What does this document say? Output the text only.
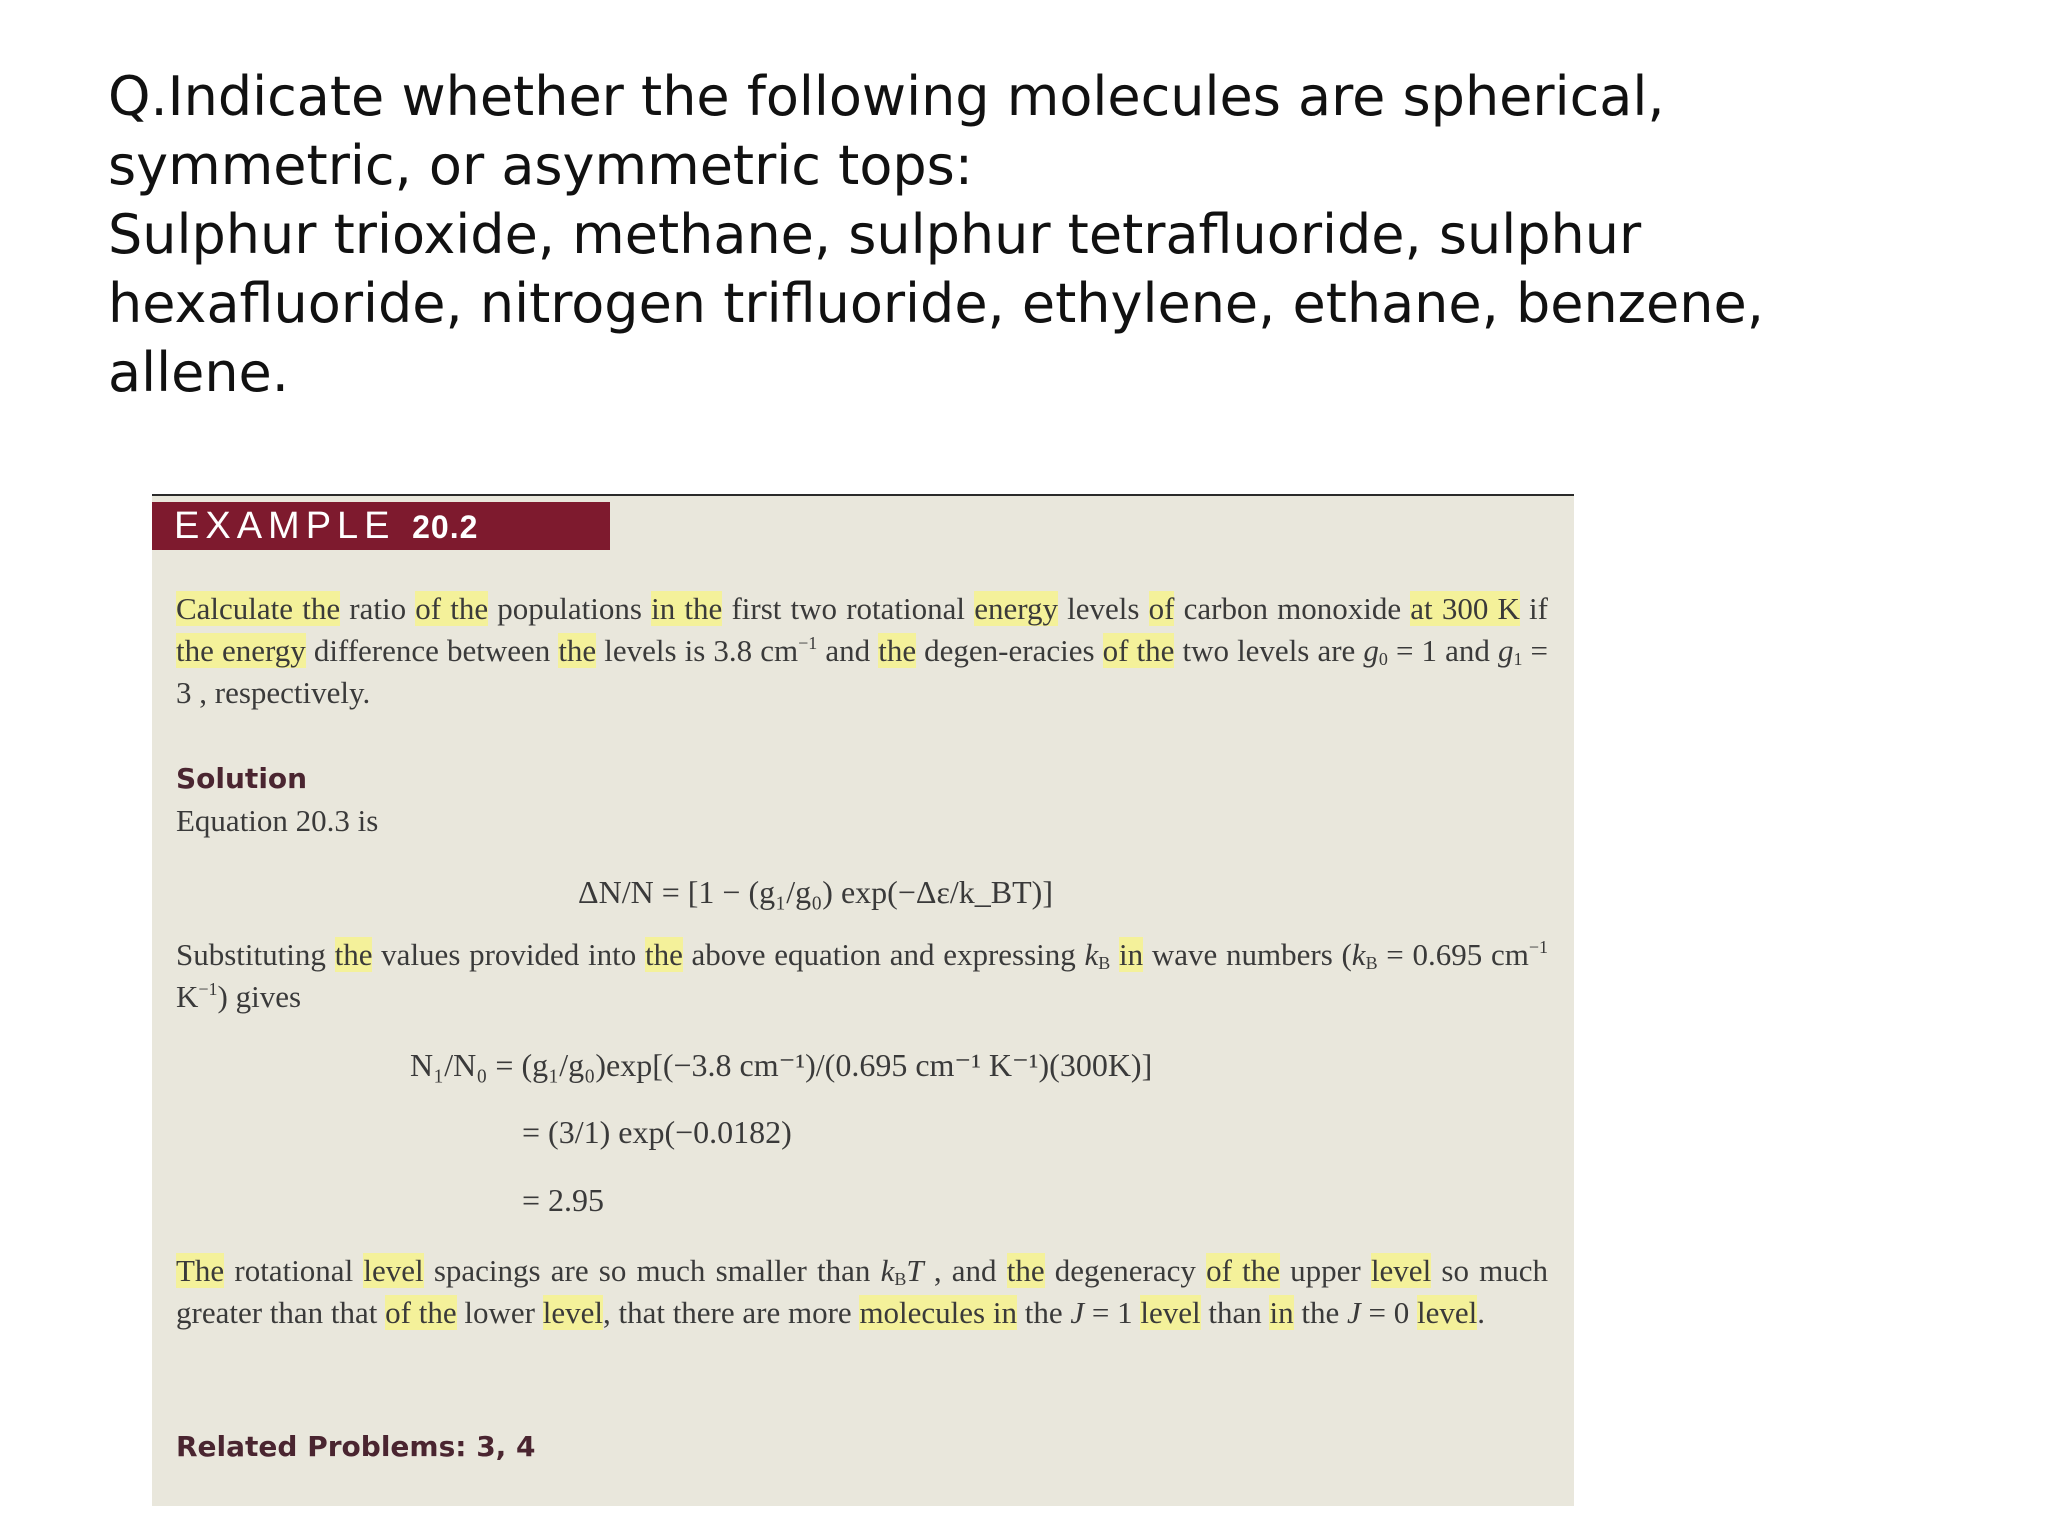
Q.Indicate whether the following molecules are spherical, symmetric, or asymmetric tops:

Sulphur trioxide, methane, sulphur tetrafluoride, sulphur hexafluoride, nitrogen trifluoride, ethylene, ethane, benzene, allene.

EXAMPLE 20.2
Calculate the ratio of the populations in the first two rotational energy levels of carbon monoxide at 300 K if the energy difference between the levels is 3.8 $cm^{-1}$ and the degen-eracies of the two levels are $g_0 = 1$ and $g_1 = 3$ , respectively.
Solution
Equation 20.3 is
ΔN/N = [1 − (g₁/g₀) exp(−Δε/k_BT)]
Substituting the values provided into the above equation and expressing $k_B$ in wave numbers ($k_B = 0.695$ $cm^{-1}$ $K^{-1}$) gives
N₁/N₀ = (g₁/g₀)exp[(−3.8 cm⁻¹)/(0.695 cm⁻¹ K⁻¹)(300K)]
= (3/1) exp(−0.0182)
= 2.95
The rotational level spacings are so much smaller than $k_BT$ , and the degeneracy of the upper level so much greater than that of the lower level, that there are more molecules in the J = 1 level than in the J = 0 level.
Related Problems: 3, 4
